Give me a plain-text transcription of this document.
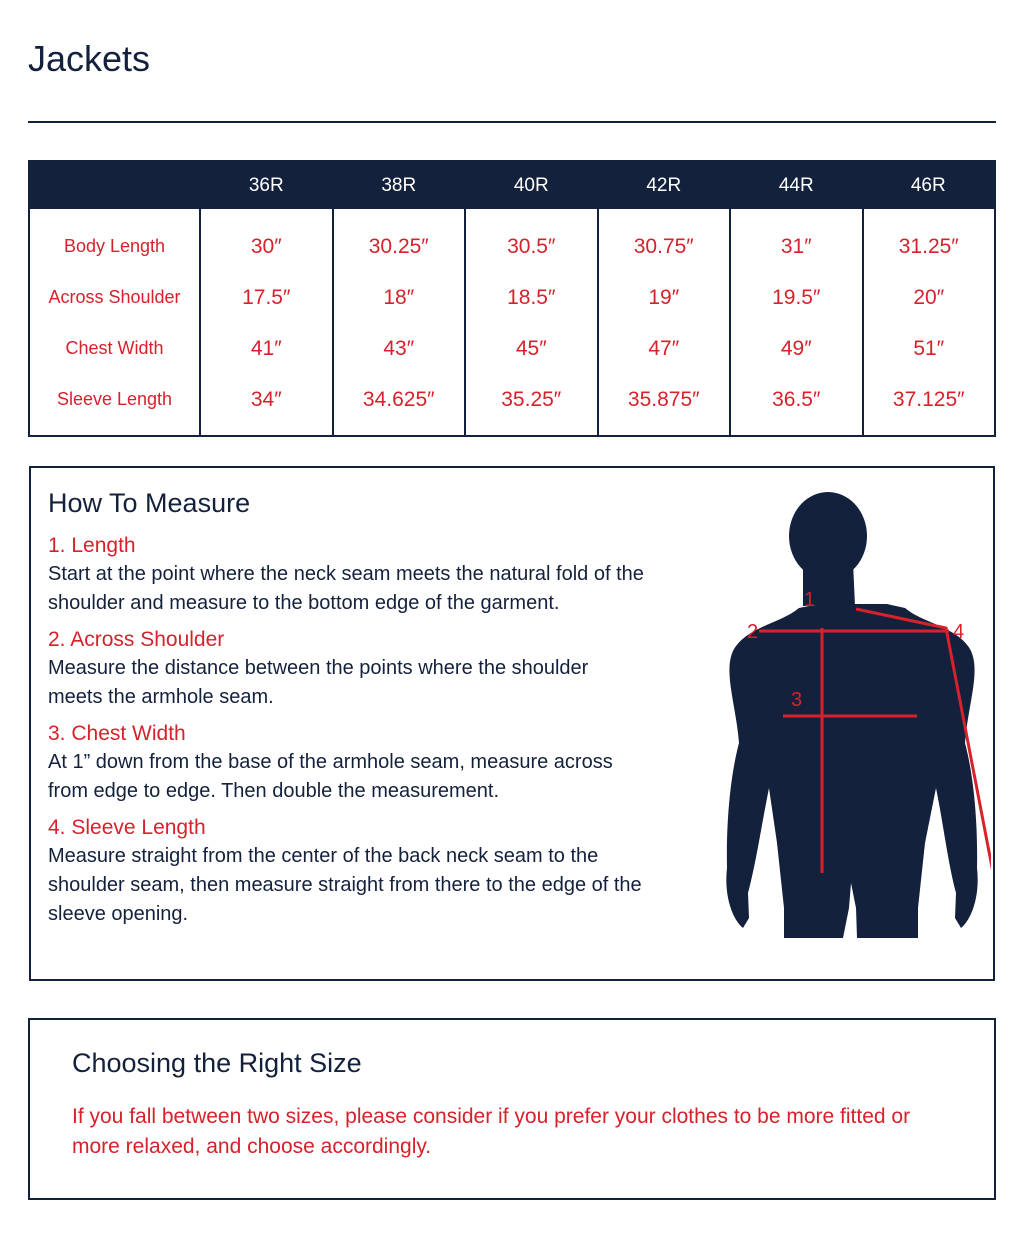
Jackets
	36R	38R	40R	42R	44R	46R
Body Length	30″	30.25″	30.5″	30.75″	31″	31.25″
Across Shoulder	17.5″	18″	18.5″	19″	19.5″	20″
Chest Width	41″	43″	45″	47″	49″	51″
Sleeve Length	34″	34.625″	35.25″	35.875″	36.5″	37.125″
How To Measure
1. Length
Start at the point where the neck seam meets the natural fold of the shoulder and measure to the bottom edge of the garment.
2. Across Shoulder
Measure the distance between the points where the shoulder meets the armhole seam.
3. Chest Width
At 1” down from the base of the armhole seam, measure across from edge to edge. Then double the measurement.
4. Sleeve Length
Measure straight from the center of the back neck seam to the shoulder seam, then measure straight from there to the edge of the sleeve opening.
1
2
3
4
Choosing the Right Size
If you fall between two sizes, please consider if you prefer your clothes to be more fitted or more relaxed, and choose accordingly.
